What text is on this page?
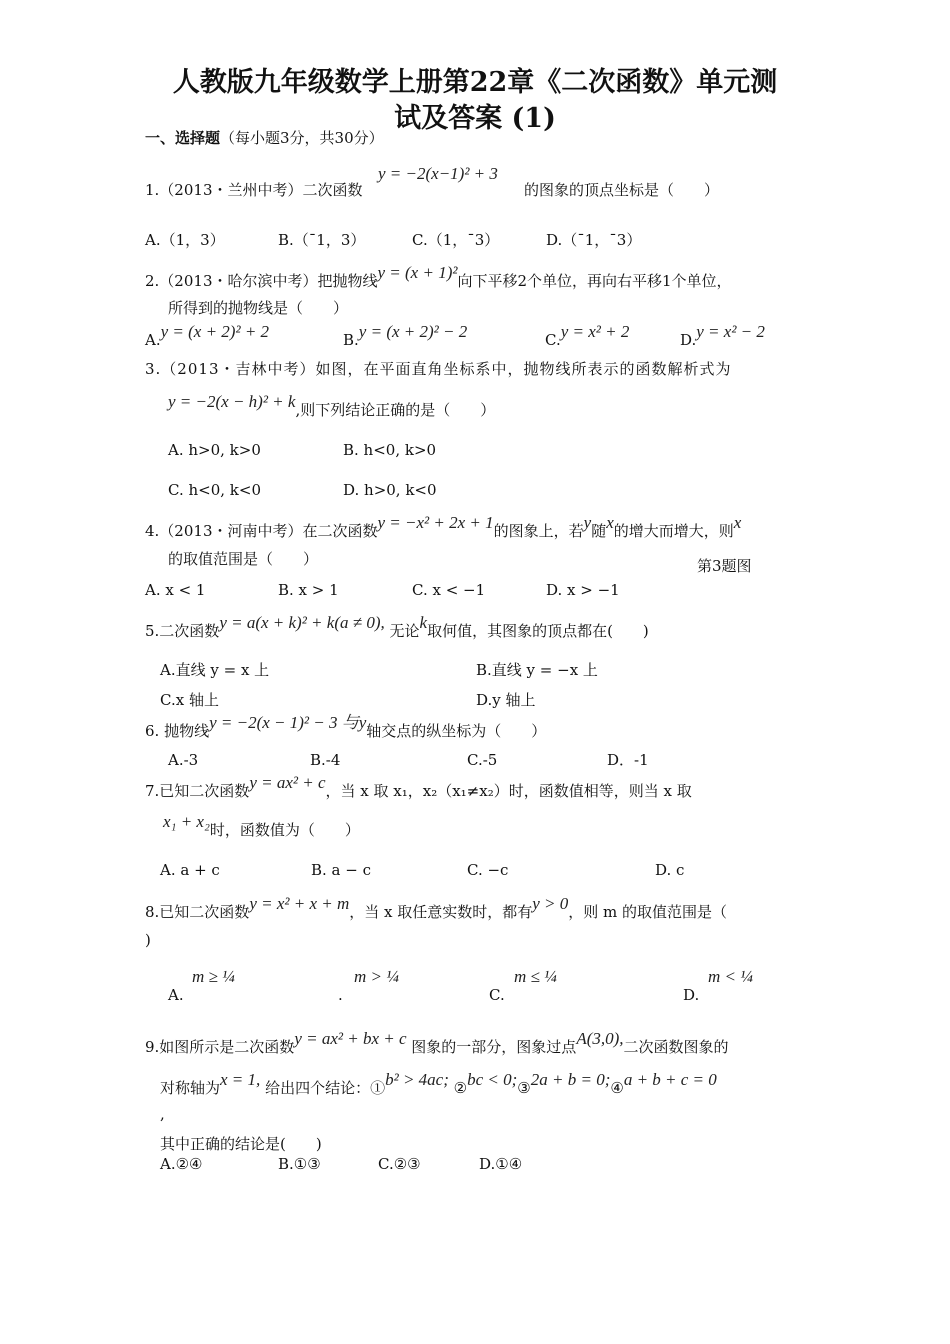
人教版九年级数学上册第22章《二次函数》单元测
试及答案 (1)
一、选择题（每小题3分，共30分）
1.（2013・兰州中考）二次函数
y = −2(x−1)² + 3
的图象的顶点坐标是（　　）
A.（1，3）	B.（¯1，3）	C.（1，¯3）	D.（¯1，¯3）
2.（2013・哈尔滨中考）把抛物线y = (x + 1)²向下平移2个单位，再向右平移1个单位，
所得到的抛物线是（　　）
A.y = (x + 2)² + 2	B.y = (x + 2)² − 2	C.y = x² + 2	D.y = x² − 2
3.（2013・吉林中考）如图，在平面直角坐标系中，抛物线所表示的函数解析式为
y = −2(x − h)² + k,则下列结论正确的是（　　）
A. h>0, k>0	B. h<0, k>0
C. h<0, k<0	D. h>0, k<0
4.（2013・河南中考）在二次函数y = −x² + 2x + 1的图象上，若y随x的增大而增大，则x
的取值范围是（　　）	第3题图
A. x < 1	B. x > 1	C. x < −1	D. x > −1
5.二次函数y = a(x + k)² + k(a ≠ 0), 无论k取何值，其图象的顶点都在(　　)
A.直线 y = x 上	B.直线 y = −x 上
C.x 轴上	D.y 轴上
6. 抛物线y = −2(x − 1)² − 3 与y轴交点的纵坐标为（　　）
A.-3	B.-4	C.-5	D．-1
7.已知二次函数y = ax² + c，当 x 取 x₁，x₂（x₁≠x₂）时，函数值相等，则当 x 取
x₁ + x₂时，函数值为（　　）
A. a + c	B. a − c	C. −c	D. c
8.已知二次函数y = x² + x + m，当 x 取任意实数时，都有y > 0，则 m 的取值范围是（
)
A.
m ≥ ¼
.
m > ¼
C.
m ≤ ¼
D.
m < ¼
9.如图所示是二次函数y = ax² + bx + c 图象的一部分，图象过点A(3,0),二次函数图象的
对称轴为x = 1, 给出四个结论：①b² > 4ac; ②bc < 0;③2a + b = 0;④a + b + c = 0
,
其中正确的结论是(　　)
A.②④	B.①③	C.②③	D.①④
